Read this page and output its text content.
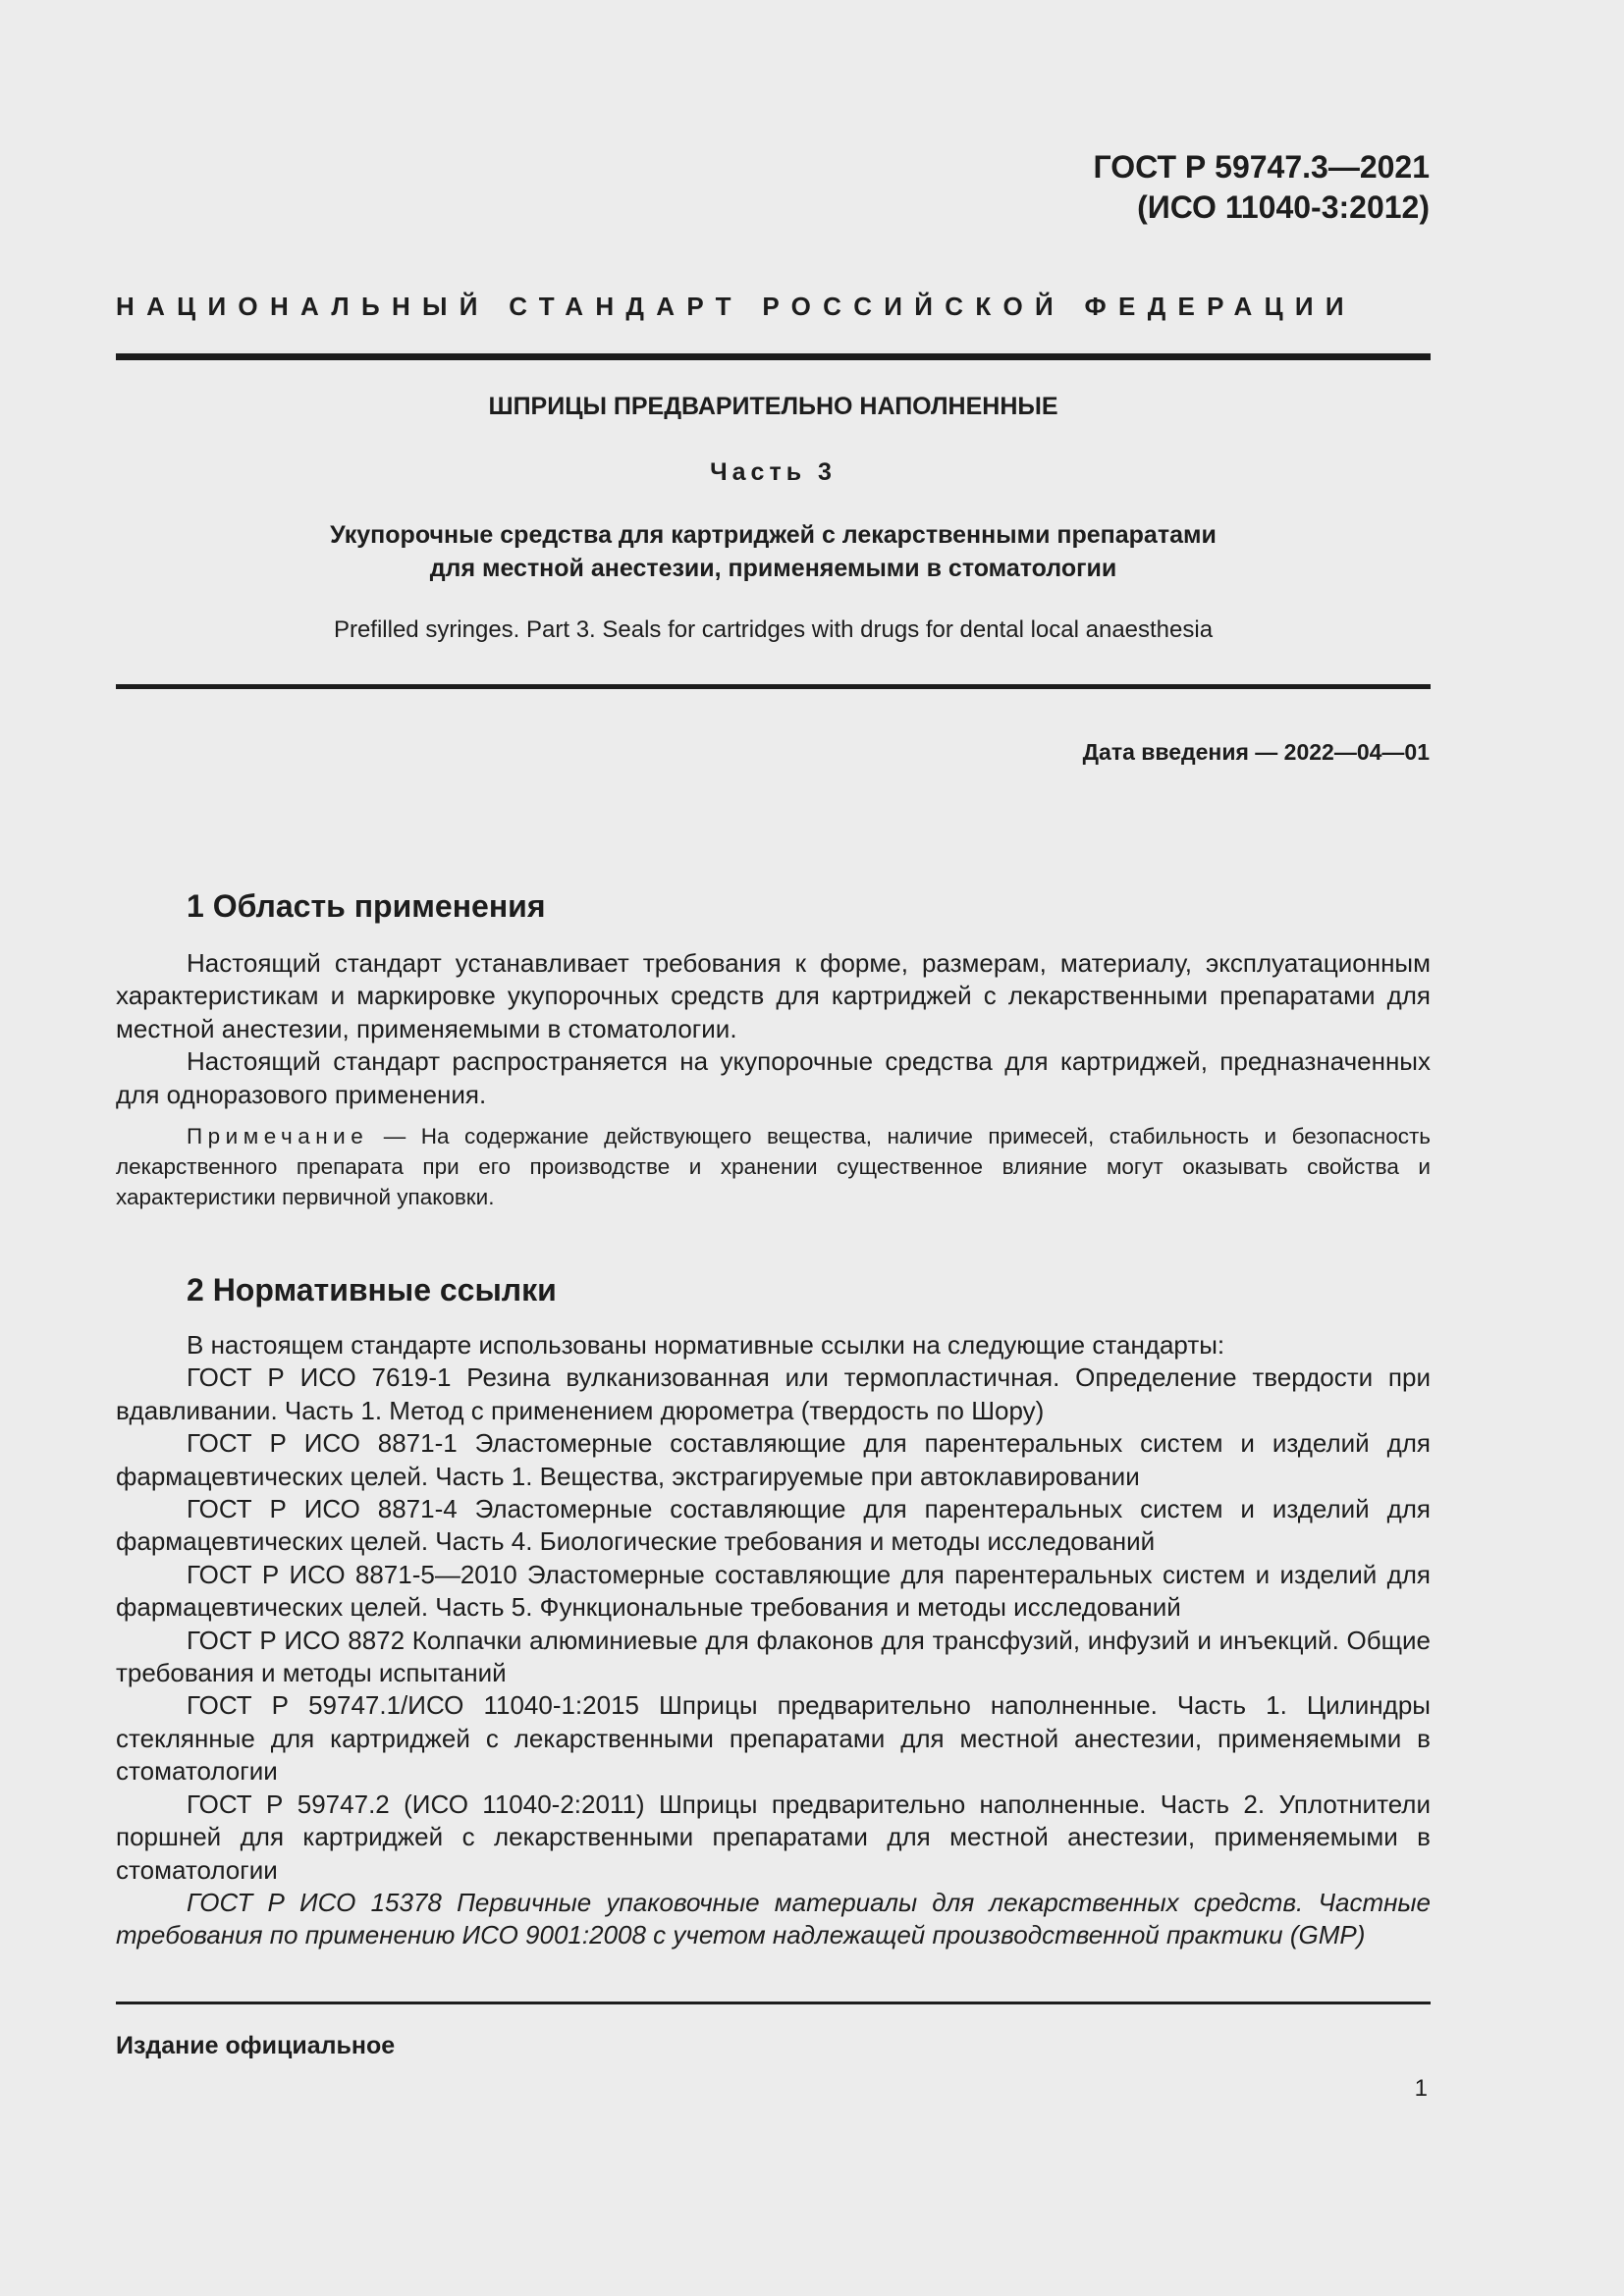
ГОСТ Р 59747.3—2021
(ИСО 11040-3:2012)
НАЦИОНАЛЬНЫЙ СТАНДАРТ РОССИЙСКОЙ ФЕДЕРАЦИИ
ШПРИЦЫ ПРЕДВАРИТЕЛЬНО НАПОЛНЕННЫЕ
Часть 3
Укупорочные средства для картриджей с лекарственными препаратами
для местной анестезии, применяемыми в стоматологии
Prefilled syringes. Part 3. Seals for cartridges with drugs for dental local anaesthesia
Дата введения — 2022—04—01
1 Область применения

Настоящий стандарт устанавливает требования к форме, размерам, материалу, эксплуатационным характеристикам и маркировке укупорочных средств для картриджей с лекарственными препаратами для местной анестезии, применяемыми в стоматологии.

Настоящий стандарт распространяется на укупорочные средства для картриджей, предназначенных для одноразового применения.

Примечание — На содержание действующего вещества, наличие примесей, стабильность и безопасность лекарственного препарата при его производстве и хранении существенное влияние могут оказывать свойства и характеристики первичной упаковки.

2 Нормативные ссылки

В настоящем стандарте использованы нормативные ссылки на следующие стандарты:

ГОСТ Р ИСО 7619-1 Резина вулканизованная или термопластичная. Определение твердости при вдавливании. Часть 1. Метод с применением дюрометра (твердость по Шору)

ГОСТ Р ИСО 8871-1 Эластомерные составляющие для парентеральных систем и изделий для фармацевтических целей. Часть 1. Вещества, экстрагируемые при автоклавировании

ГОСТ Р ИСО 8871-4 Эластомерные составляющие для парентеральных систем и изделий для фармацевтических целей. Часть 4. Биологические требования и методы исследований

ГОСТ Р ИСО 8871-5—2010 Эластомерные составляющие для парентеральных систем и изделий для фармацевтических целей. Часть 5. Функциональные требования и методы исследований

ГОСТ Р ИСО 8872 Колпачки алюминиевые для флаконов для трансфузий, инфузий и инъекций. Общие требования и методы испытаний

ГОСТ Р 59747.1/ИСО 11040-1:2015 Шприцы предварительно наполненные. Часть 1. Цилиндры стеклянные для картриджей с лекарственными препаратами для местной анестезии, применяемыми в стоматологии

ГОСТ Р 59747.2 (ИСО 11040-2:2011) Шприцы предварительно наполненные. Часть 2. Уплотнители поршней для картриджей с лекарственными препаратами для местной анестезии, применяемыми в стоматологии

ГОСТ Р ИСО 15378 Первичные упаковочные материалы для лекарственных средств. Частные требования по применению ИСО 9001:2008 с учетом надлежащей производственной практики (GMP)

Издание официальное
1
